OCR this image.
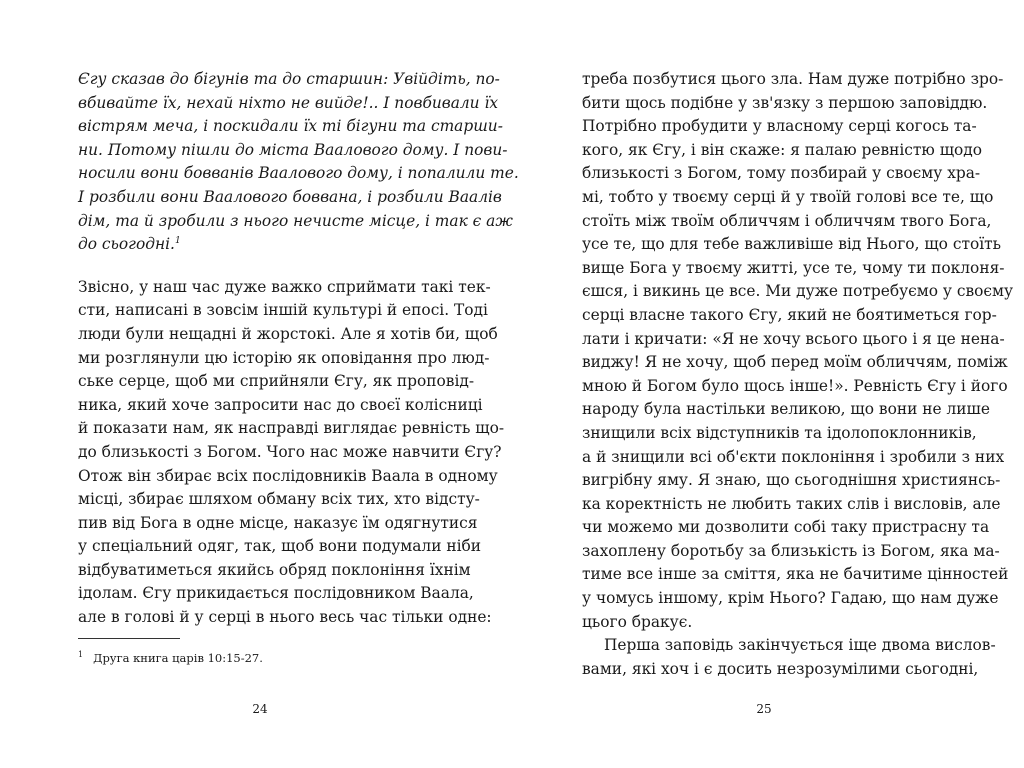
Єгу сказав до бігунів та до старшин: Увійдіть, по-
вбивайте їх, нехай ніхто не вийде!.. І повбивали їх
вістрям меча, і поскидали їх ті бігуни та старши-
ни. Потому пішли до міста Ваалового дому. І пови-
носили вони бовванів Ваалового дому, і попалили те.
І розбили вони Ваалового боввана, і розбили Ваалів
дім, та й зробили з нього нечисте місце, і так є аж
до сьогодні.$^1$
Звісно, у наш час дуже важко сприймати такі тек-
сти, написані в зовсім іншій культурі й епосі. Тоді
люди були нещадні й жорстокі. Але я хотів би, щоб
ми розглянули цю історію як оповідання про люд-
ське серце, щоб ми сприйняли Єгу, як проповід-
ника, який хоче запросити нас до своєї колісниці
й показати нам, як насправді виглядає ревність що-
до близькості з Богом. Чого нас може навчити Єгу?
Отож він збирає всіх послідовників Ваала в одному
місці, збирає шляхом обману всіх тих, хто відсту-
пив від Бога в одне місце, наказує їм одягнутися
у спеціальний одяг, так, щоб вони подумали ніби
відбуватиметься якийсь обряд поклоніння їхнім
ідолам. Єгу прикидається послідовником Ваала,
але в голові й у серці в нього весь час тільки одне:
$^1$ Друга книга царів 10:15-27.
24
треба позбутися цього зла. Нам дуже потрібно зро-
бити щось подібне у зв'язку з першою заповіддю.
Потрібно пробудити у власному серці когось та-
кого, як Єгу, і він скаже: я палаю ревністю щодо
близькості з Богом, тому позбирай у своєму хра-
мі, тобто у твоєму серці й у твоїй голові все те, що
стоїть між твоїм обличчям і обличчям твого Бога,
усе те, що для тебе важливіше від Нього, що стоїть
вище Бога у твоєму житті, усе те, чому ти поклоня-
єшся, і викинь це все. Ми дуже потребуємо у своєму
серці власне такого Єгу, який не боятиметься гор-
лати і кричати: «Я не хочу всього цього і я це нена-
виджу! Я не хочу, щоб перед моїм обличчям, поміж
мною й Богом було щось інше!». Ревність Єгу і його
народу була настільки великою, що вони не лише
знищили всіх відступників та ідолопоклонників,
а й знищили всі об'єкти поклоніння і зробили з них
вигрібну яму. Я знаю, що сьогоднішня християнсь-
ка коректність не любить таких слів і висловів, але
чи можемо ми дозволити собі таку пристрасну та
захоплену боротьбу за близькість із Богом, яка ма-
тиме все інше за сміття, яка не бачитиме цінностей
у чомусь іншому, крім Нього? Гадаю, що нам дуже
цього бракує.
Перша заповідь закінчується іще двома вислов-
вами, які хоч і є досить незрозумілими сьогодні,
25
